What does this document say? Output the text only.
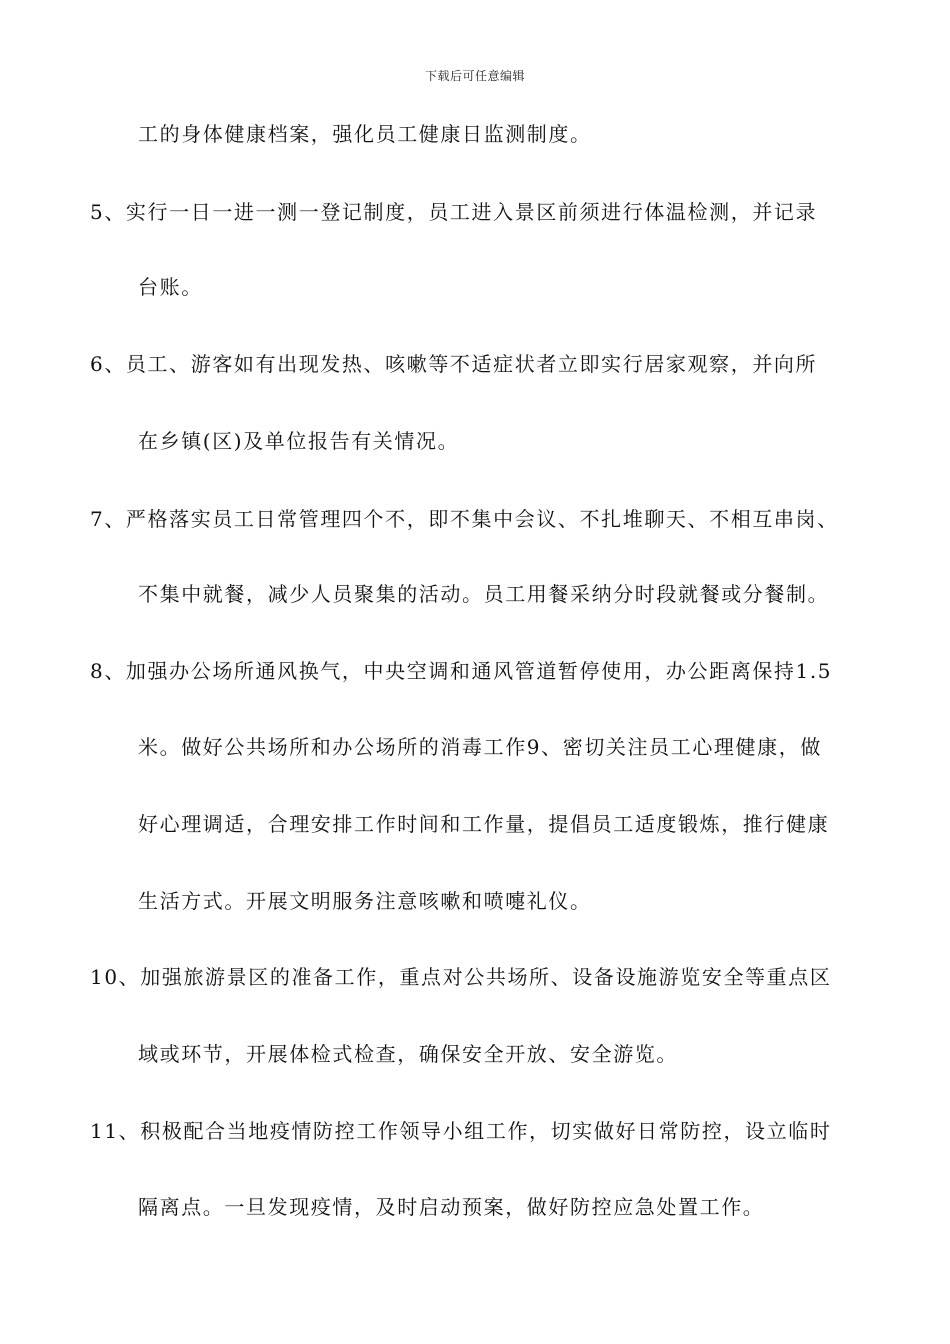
下载后可任意编辑
工的身体健康档案，强化员工健康日监测制度。
5、实行一日一进一测一登记制度，员工进入景区前须进行体温检测，并记录
台账。
6、员工、游客如有出现发热、咳嗽等不适症状者立即实行居家观察，并向所
在乡镇(区)及单位报告有关情况。
7、严格落实员工日常管理四个不，即不集中会议、不扎堆聊天、不相互串岗、
不集中就餐，减少人员聚集的活动。员工用餐采纳分时段就餐或分餐制。
8、加强办公场所通风换气，中央空调和通风管道暂停使用，办公距离保持1.5
米。做好公共场所和办公场所的消毒工作9、密切关注员工心理健康，做
好心理调适，合理安排工作时间和工作量，提倡员工适度锻炼，推行健康
生活方式。开展文明服务注意咳嗽和喷嚏礼仪。
10、加强旅游景区的准备工作，重点对公共场所、设备设施游览安全等重点区
域或环节，开展体检式检查，确保安全开放、安全游览。
11、积极配合当地疫情防控工作领导小组工作，切实做好日常防控，设立临时
隔离点。一旦发现疫情，及时启动预案，做好防控应急处置工作。
